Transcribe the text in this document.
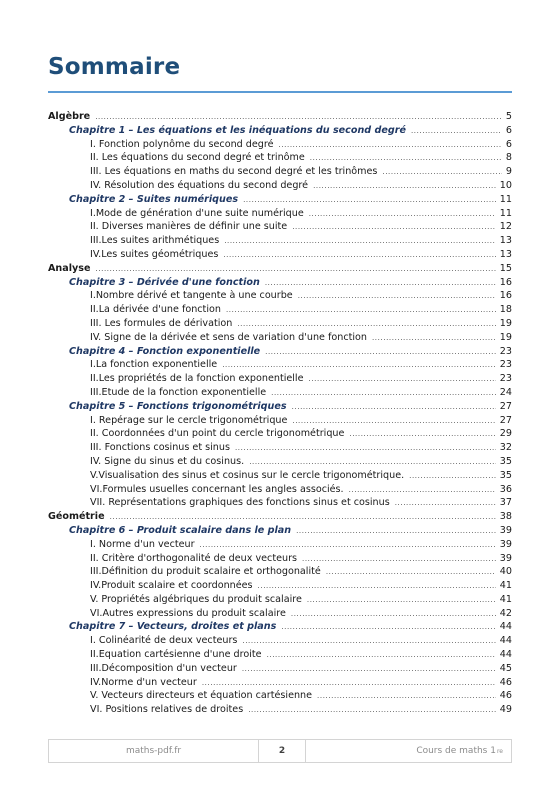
Sommaire
Algèbre .....	5
Chapitre 1 – Les équations et les inéquations du second degré .....	6
I. Fonction polynôme du second degré .....	6
II. Les équations du second degré et trinôme .....	8
III. Les équations en maths du second degré et les trinômes .....	9
IV. Résolution des équations du second degré .....	10
Chapitre 2 – Suites numériques .....	11
I.Mode de génération d'une suite numérique .....	11
II. Diverses manières de définir une suite .....	12
III.Les suites arithmétiques .....	13
IV.Les suites géométriques .....	13
Analyse .....	15
Chapitre 3 – Dérivée d'une fonction .....	16
I.Nombre dérivé et tangente à une courbe .....	16
II.La dérivée d'une fonction .....	18
III. Les formules de dérivation .....	19
IV. Signe de la dérivée et sens de variation d'une fonction .....	19
Chapitre 4 – Fonction exponentielle .....	23
I.La fonction exponentielle .....	23
II.Les propriétés de la fonction exponentielle .....	23
III.Etude de la fonction exponentielle .....	24
Chapitre 5 – Fonctions trigonométriques .....	27
I. Repérage sur le cercle trigonométrique .....	27
II. Coordonnées d'un point du cercle trigonométrique .....	29
III. Fonctions cosinus et sinus .....	32
IV. Signe du sinus et du cosinus. .....	35
V.Visualisation des sinus et cosinus sur le cercle trigonométrique. .....	35
VI.Formules usuelles concernant les angles associés. .....	36
VII. Représentations graphiques des fonctions sinus et cosinus .....	37
Géométrie .....	38
Chapitre 6 – Produit scalaire dans le plan .....	39
I. Norme d'un vecteur .....	39
II. Critère d'orthogonalité de deux vecteurs .....	39
III.Définition du produit scalaire et orthogonalité .....	40
IV.Produit scalaire et coordonnées .....	41
V. Propriétés algébriques du produit scalaire .....	41
VI.Autres expressions du produit scalaire .....	42
Chapitre 7 – Vecteurs, droites et plans .....	44
I. Colinéarité de deux vecteurs .....	44
II.Equation cartésienne d'une droite .....	44
III.Décomposition d'un vecteur .....	45
IV.Norme d'un vecteur .....	46
V. Vecteurs directeurs et équation cartésienne .....	46
VI. Positions relatives de droites .....	49
maths-pdf.fr	2	Cours de maths 1 re
